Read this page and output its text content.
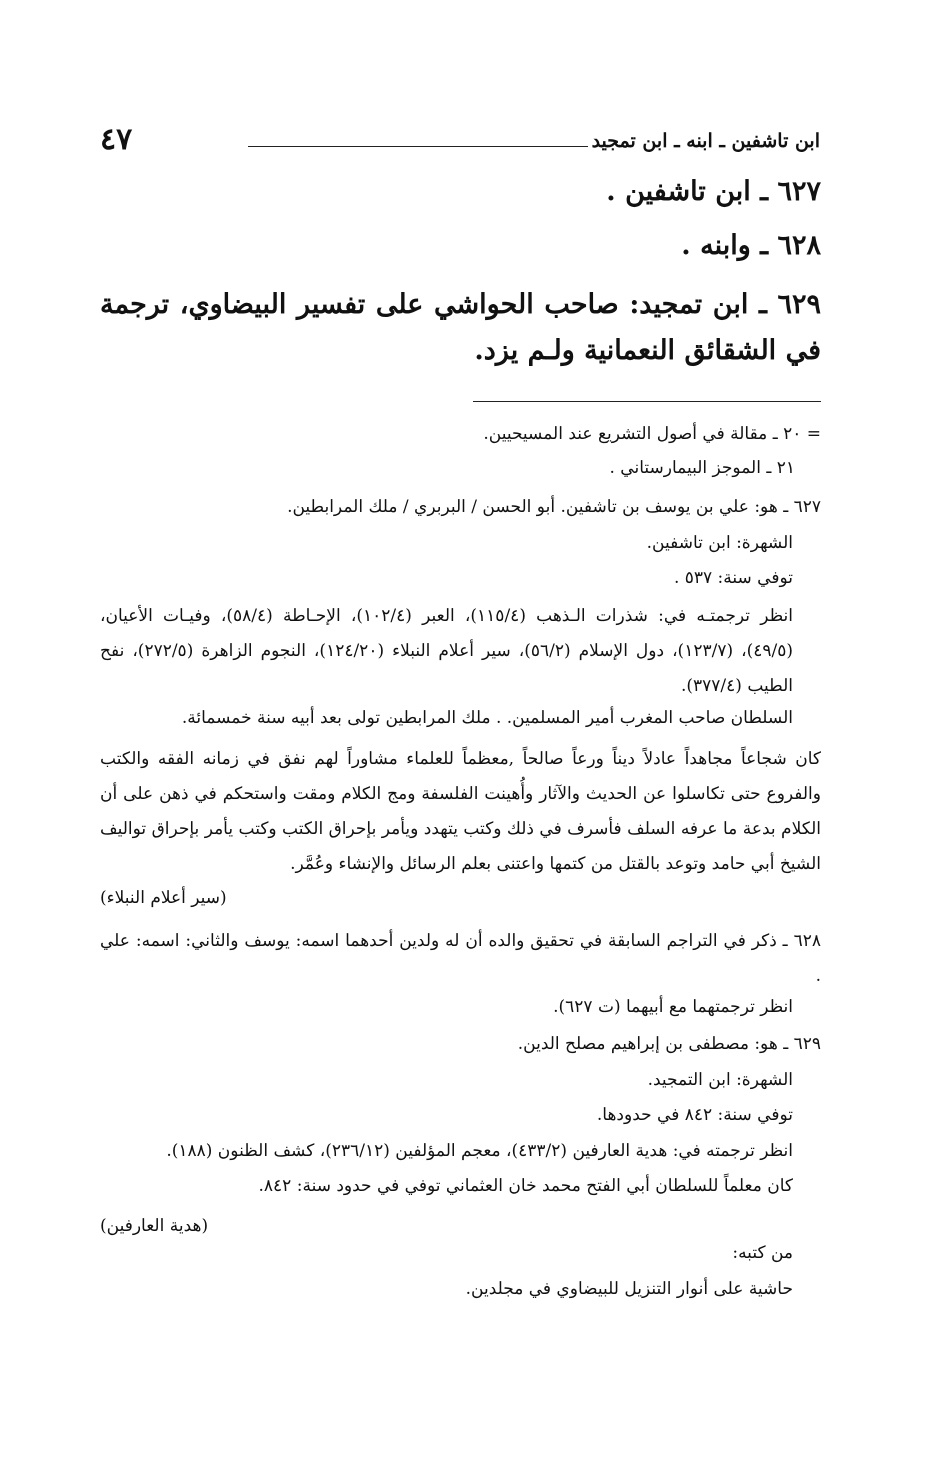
ابن تاشفين ـ ابنه ـ ابن تمجيد
٤٧
٦٢٧ ـ ابن تاشفين .
٦٢٨ ـ وابنه .
٦٢٩ ـ ابن تمجيد: صاحب الحواشي على تفسير البيضاوي، ترجمة في الشقائق النعمانية ولـم يزد.
= ٢٠ ـ مقالة في أصول التشريع عند المسيحيين.
٢١ ـ الموجز البيمارستاني .
٦٢٧ ـ هو: علي بن يوسف بن تاشفين. أبو الحسن / البربري / ملك المرابطين.
الشهرة: ابن تاشفين.
توفي سنة: ٥٣٧ .
انظر ترجمتـه في: شذرات الـذهب (١١٥/٤)، العبر (١٠٢/٤)، الإحـاطة (٥٨/٤)، وفيـات الأعيان، (٤٩/٥)، (١٢٣/٧)، دول الإسلام (٥٦/٢)، سير أعلام النبلاء (١٢٤/٢٠)، النجوم الزاهرة (٢٧٢/٥)، نفح الطيب (٣٧٧/٤).
السلطان صاحب المغرب أمير المسلمين. . ملك المرابطين تولى بعد أبيه سنة خمسمائة.
كان شجاعاً مجاهداً عادلاً ديناً ورعاً صالحاً ,معظماً للعلماء مشاوراً لهم نفق في زمانه الفقه والكتب والفروع حتى تكاسلوا عن الحديث والآثار وأُهينت الفلسفة ومج الكلام ومقت واستحكم في ذهن على أن الكلام بدعة ما عرفه السلف فأسرف في ذلك وكتب يتهدد ويأمر بإحراق الكتب وكتب يأمر بإحراق تواليف الشيخ أبي حامد وتوعد بالقتل من كتمها واعتنى بعلم الرسائل والإنشاء وعُمَّر.
(سير أعلام النبلاء)
٦٢٨ ـ ذكر في التراجم السابقة في تحقيق والده أن له ولدين أحدهما اسمه: يوسف والثاني: اسمه: علي .
انظر ترجمتهما مع أبيهما (ت ٦٢٧).
٦٢٩ ـ هو: مصطفى بن إبراهيم مصلح الدين.
الشهرة: ابن التمجيد.
توفي سنة: ٨٤٢ في حدودها.
انظر ترجمته في: هدية العارفين (٤٣٣/٢)، معجم المؤلفين (٢٣٦/١٢)، كشف الظنون (١٨٨).
كان معلماً للسلطان أبي الفتح محمد خان العثماني توفي في حدود سنة: ٨٤٢.
(هدية العارفين)
من كتبه:
حاشية على أنوار التنزيل للبيضاوي في مجلدين.
